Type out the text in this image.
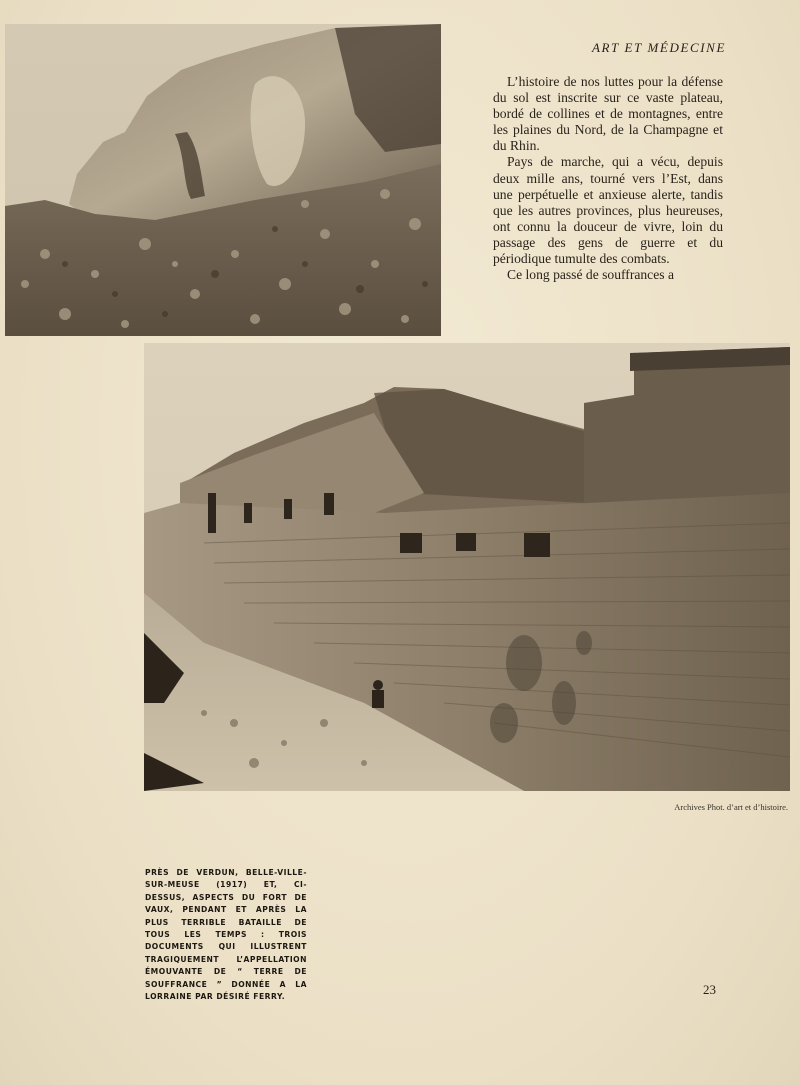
ART ET MÉDECINE

L’histoire de nos luttes pour la défense du sol est inscrite sur ce vaste plateau, bordé de collines et de montagnes, entre les plaines du Nord, de la Champagne et du Rhin.

Pays de marche, qui a vécu, depuis deux mille ans, tourné vers l’Est, dans une perpétuelle et anxieuse alerte, tandis que les autres provinces, plus heureuses, ont connu la douceur de vivre, loin du passage des gens de guerre et du périodique tumulte des combats.

Ce long passé de souffrances a

Archives Phot. d’art et d’histoire.
PRÈS DE VERDUN, BELLE-VILLE-SUR-MEUSE (1917) ET, CI-DESSUS, ASPECTS DU FORT DE VAUX, PENDANT ET APRÈS LA PLUS TERRIBLE BATAILLE DE TOUS LES TEMPS : TROIS DOCUMENTS QUI ILLUSTRENT TRAGIQUEMENT L’APPELLATION ÉMOUVANTE DE “ TERRE DE SOUFFRANCE ” DONNÉE A LA LORRAINE PAR DÉSIRÉ FERRY.	23
